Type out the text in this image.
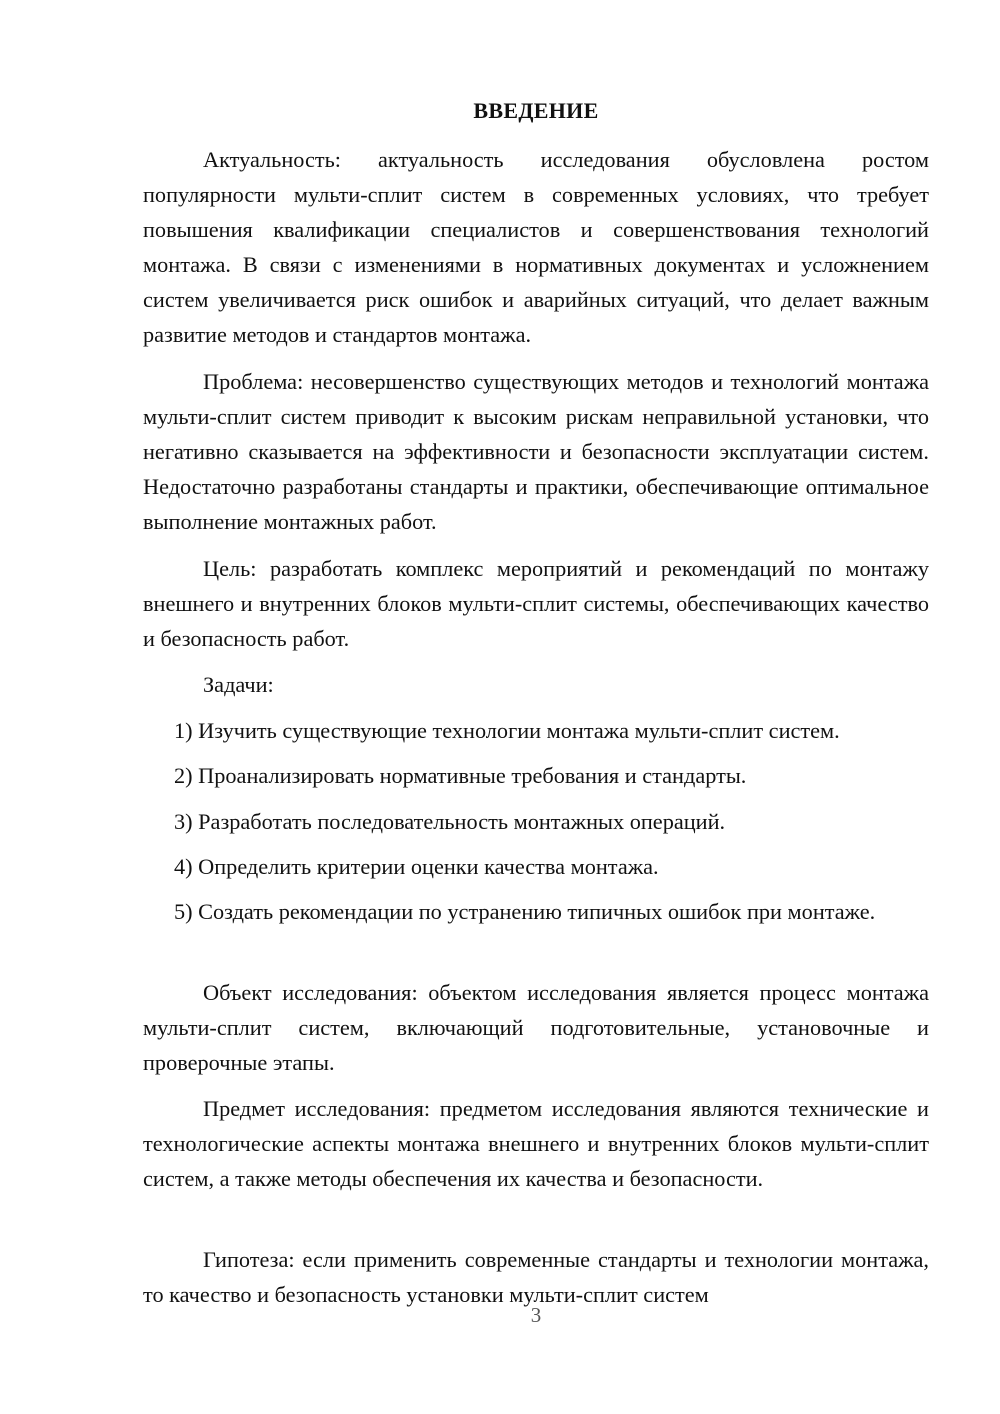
ВВЕДЕНИЕ

Актуальность: актуальность исследования обусловлена ростом популярности мульти-сплит систем в современных условиях, что требует повышения квалификации специалистов и совершенствования технологий монтажа. В связи с изменениями в нормативных документах и усложнением систем увеличивается риск ошибок и аварийных ситуаций, что делает важным развитие методов и стандартов монтажа.

Проблема: несовершенство существующих методов и технологий монтажа мульти-сплит систем приводит к высоким рискам неправильной установки, что негативно сказывается на эффективности и безопасности эксплуатации систем. Недостаточно разработаны стандарты и практики, обеспечивающие оптимальное выполнение монтажных работ.

Цель: разработать комплекс мероприятий и рекомендаций по монтажу внешнего и внутренних блоков мульти-сплит системы, обеспечивающих качество и безопасность работ.

Задачи:

1) Изучить существующие технологии монтажа мульти-сплит систем.

2) Проанализировать нормативные требования и стандарты.

3) Разработать последовательность монтажных операций.

4) Определить критерии оценки качества монтажа.

5) Создать рекомендации по устранению типичных ошибок при монтаже.

Объект исследования: объектом исследования является процесс монтажа мульти-сплит систем, включающий подготовительные, установочные и проверочные этапы.

Предмет исследования: предметом исследования являются технические и технологические аспекты монтажа внешнего и внутренних блоков мульти-сплит систем, а также методы обеспечения их качества и безопасности.

Гипотеза: если применить современные стандарты и технологии монтажа, то качество и безопасность установки мульти-сплит систем

3
